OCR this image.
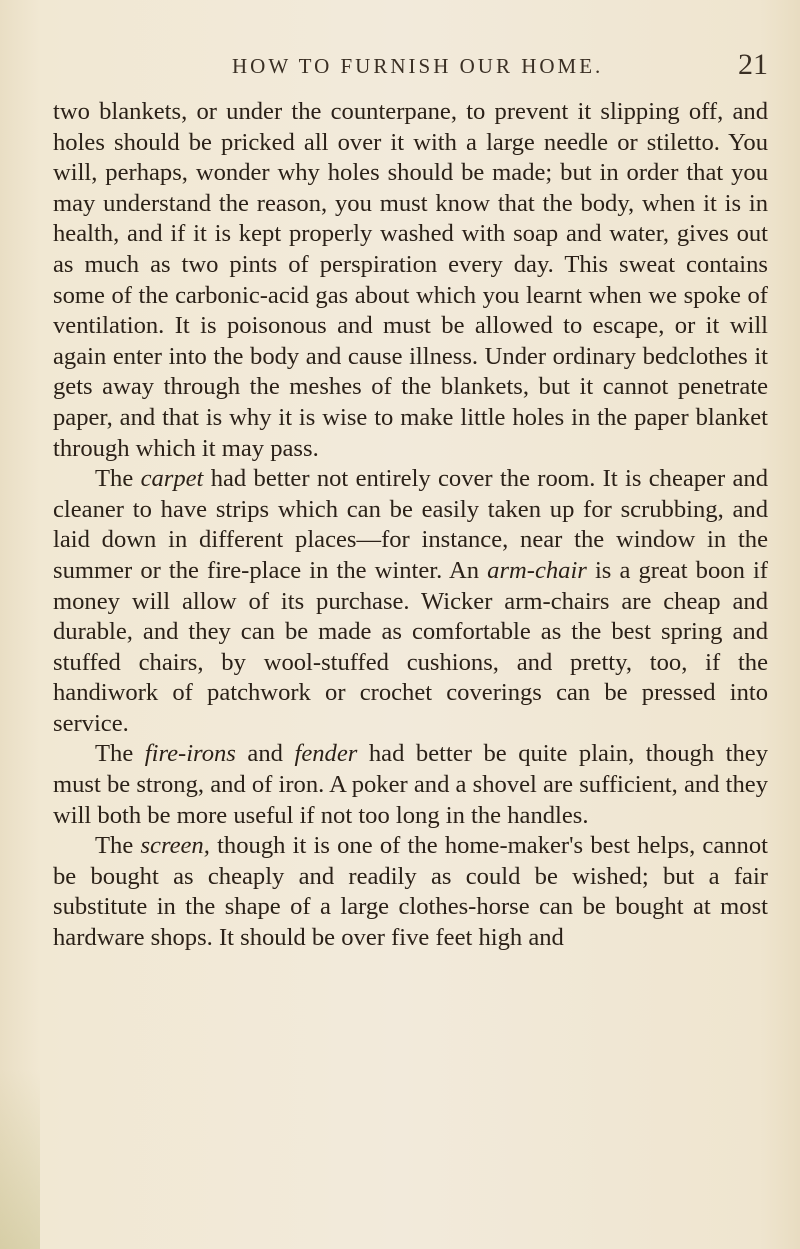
HOW TO FURNISH OUR HOME.	21

two blankets, or under the counterpane, to prevent it slipping off, and holes should be pricked all over it with a large needle or stiletto. You will, perhaps, wonder why holes should be made; but in order that you may understand the reason, you must know that the body, when it is in health, and if it is kept properly washed with soap and water, gives out as much as two pints of perspiration every day. This sweat contains some of the carbonic-acid gas about which you learnt when we spoke of ventilation. It is poisonous and must be allowed to escape, or it will again enter into the body and cause illness. Under ordinary bedclothes it gets away through the meshes of the blankets, but it cannot penetrate paper, and that is why it is wise to make little holes in the paper blanket through which it may pass.

The carpet had better not entirely cover the room. It is cheaper and cleaner to have strips which can be easily taken up for scrubbing, and laid down in different places—for instance, near the window in the summer or the fire-place in the winter. An arm-chair is a great boon if money will allow of its purchase. Wicker arm-chairs are cheap and durable, and they can be made as comfortable as the best spring and stuffed chairs, by wool-stuffed cushions, and pretty, too, if the handiwork of patchwork or crochet coverings can be pressed into service.

The fire-irons and fender had better be quite plain, though they must be strong, and of iron. A poker and a shovel are sufficient, and they will both be more useful if not too long in the handles.

The screen, though it is one of the home-maker's best helps, cannot be bought as cheaply and readily as could be wished; but a fair substitute in the shape of a large clothes-horse can be bought at most hardware shops. It should be over five feet high and
